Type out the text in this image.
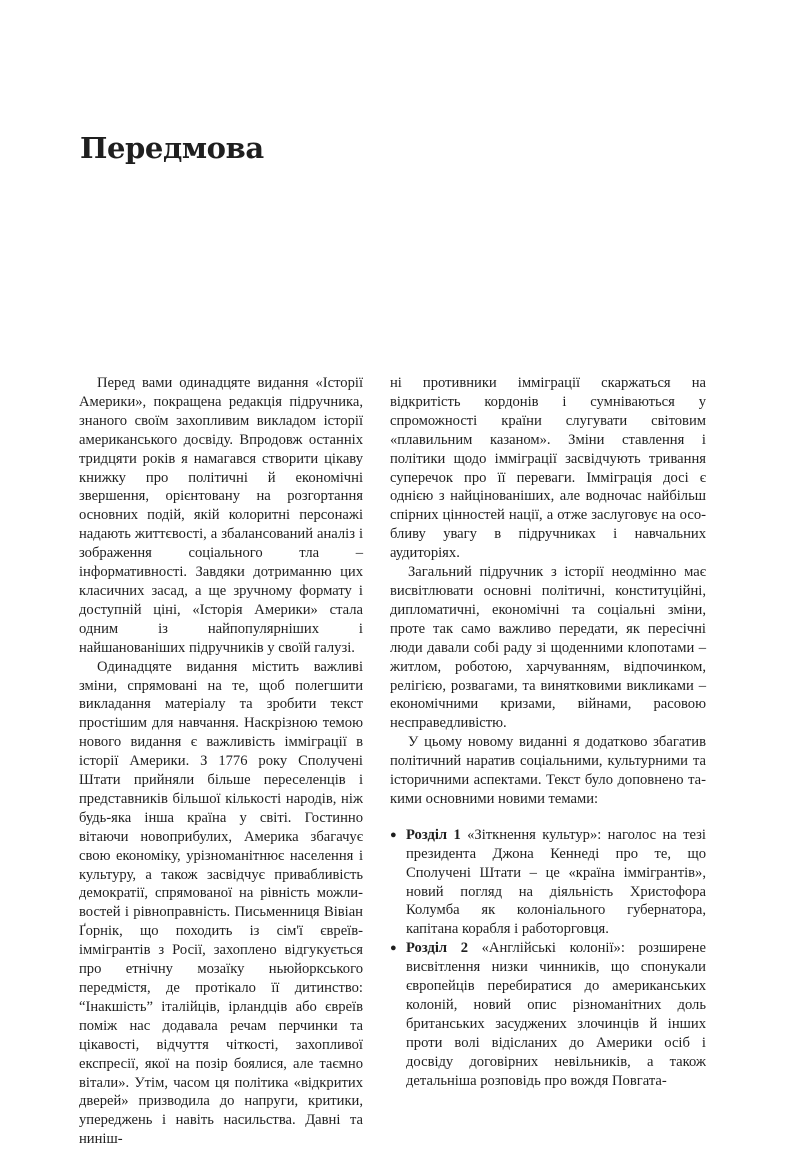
Передмова

Перед вами одинадцяте видання «Історії Америки», покращена редакція підручника, знаного своїм захопливим викладом історії американського досвіду. Впродовж останніх тридцяти років я намагався створити цікаву книжку про політичні й економічні звершення, орієнтовану на розгортання основних подій, якій колоритні персонажі надають життєвості, а збалансований аналіз і зображення соціального тла – інформативності. Завдяки дотриманню цих класичних засад, а ще зручному формату і доступній ціні, «Історія Америки» стала одним із найпопулярніших і найшанованіших підручників у своїй галузі.

Одинадцяте видання містить важливі зміни, спрямовані на те, щоб полегшити викладання матеріалу та зробити текст простішим для навчання. Наскрізною темою нового видання є важливість імміграції в історії Америки. З 1776 року Сполучені Штати прийняли більше переселенців і представників більшої кількості народів, ніж будь-яка інша країна у світі. Гостинно вітаючи новоприбулих, Америка збагачує свою економіку, урізноманітнює населення і культуру, а також засвідчує привабливість демократії, спрямованої на рівність можливостей і рівноправність. Письменниця Вівіан Ґорнік, що походить із сім'ї євреїв-іммігрантів з Росії, захоплено відгукується про етнічну мозаїку ньюйоркського передмістя, де протікало її дитинство: “Інакшість” італійців, ірландців або євреїв поміж нас додавала речам перчинки та цікавості, відчуття чіткості, захопливої експресії, якої на позір боялися, але таємно вітали». Утім, часом ця політика «відкритих дверей» призводила до напруги, критики, упереджень і навіть насильства. Давні та ниніш-

ні противники імміграції скаржаться на відкритість кордонів і сумніваються у спроможності країни слугувати світовим «плавильним казаном». Зміни ставлення і політики щодо імміграції засвідчують тривання суперечок про її переваги. Імміграція досі є однією з найцінованіших, але водночас найбільш спірних цінностей нації, а отже заслуговує на особливу увагу в підручниках і навчальних аудиторіях.

Загальний підручник з історії неодмінно має висвітлювати основні політичні, конституційні, дипломатичні, економічні та соціальні зміни, проте так само важливо передати, як пересічні люди давали собі раду зі щоденними клопотами – житлом, роботою, харчуванням, відпочинком, релігією, розвагами, та винятковими викликами – економічними кризами, війнами, расовою несправедливістю.

У цьому новому виданні я додатково збагатив політичний наратив соціальними, культурними та історичними аспектами. Текст було доповнено такими основними новими темами:

● Розділ 1 «Зіткнення культур»: наголос на тезі президента Джона Кеннеді про те, що Сполучені Штати – це «країна іммігрантів», новий погляд на діяльність Христофора Колумба як колоніального губернатора, капітана корабля і работорговця.
● Розділ 2 «Англійські колонії»: розширене висвітлення низки чинників, що спонукали європейців перебиратися до американських колоній, новий опис різноманітних доль британських засуджених злочинців й інших проти волі відісланих до Америки осіб і досвіду договірних невільників, а також детальніша розповідь про вождя Повгата-
